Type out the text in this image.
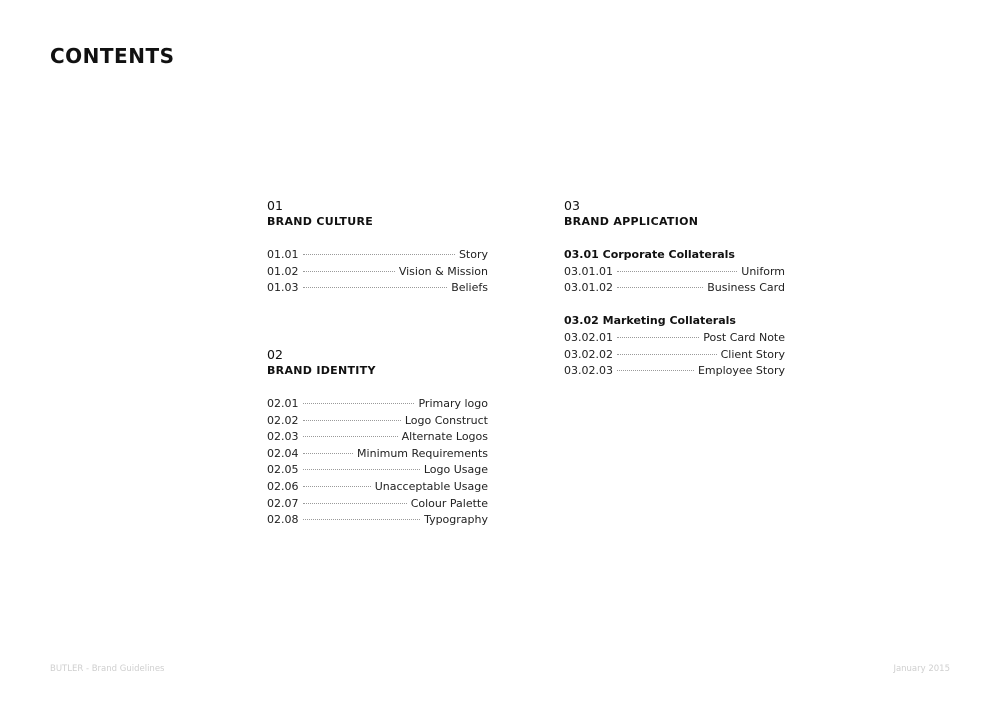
CONTENTS
01
BRAND CULTURE
01.01	Story
01.02	Vision & Mission
01.03	Beliefs
02
BRAND IDENTITY
02.01	Primary logo
02.02	Logo Construct
02.03	Alternate Logos
02.04	Minimum Requirements
02.05	Logo Usage
02.06	Unacceptable Usage
02.07	Colour Palette
02.08	Typography
03
BRAND APPLICATION
03.01 Corporate Collaterals
03.01.01	Uniform
03.01.02	Business Card
03.02 Marketing Collaterals
03.02.01	Post Card Note
03.02.02	Client Story
03.02.03	Employee Story
BUTLER - Brand Guidelines	January 2015
